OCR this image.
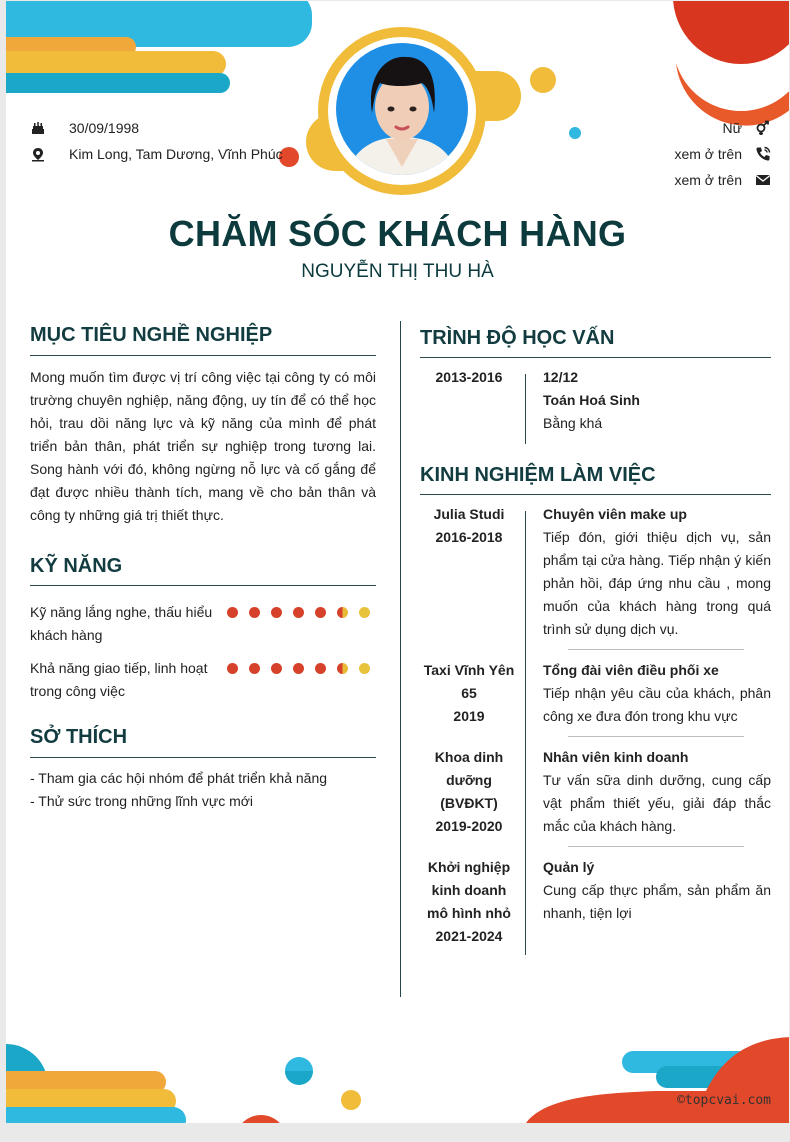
30/09/1998
Kim Long, Tam Dương, Vĩnh Phúc
Nữ
xem ở trên
xem ở trên
CHĂM SÓC KHÁCH HÀNG
NGUYỄN THỊ THU HÀ
MỤC TIÊU NGHỀ NGHIỆP
Mong muốn tìm được vị trí công việc tại công ty có môi trường chuyên nghiệp, năng động, uy tín để có thể học hỏi, trau dồi năng lực và kỹ năng của mình để phát triển bản thân, phát triển sự nghiệp trong tương lai. Song hành với đó, không ngừng nỗ lực và cố gắng để đạt được nhiều thành tích, mang về cho bản thân và công ty những giá trị thiết thực.
KỸ NĂNG
Kỹ năng lắng nghe, thấu hiểu khách hàng
Khả năng giao tiếp, linh hoạt trong công việc
SỞ THÍCH
- Tham gia các hội nhóm để phát triển khả năng
- Thử sức trong những lĩnh vực mới
TRÌNH ĐỘ HỌC VẤN
2013-2016	12/12
Toán Hoá Sinh
Bằng khá
KINH NGHIỆM LÀM VIỆC
Julia Studi
2016-2018
Chuyên viên make up
Tiếp đón, giới thiệu dịch vụ, sản phẩm tại cửa hàng. Tiếp nhận ý kiến phản hồi, đáp ứng nhu cầu , mong muốn của khách hàng trong quá trình sử dụng dịch vụ.
Taxi Vĩnh Yên 65
2019
Tổng đài viên điều phối xe
Tiếp nhận yêu cầu của khách, phân công xe đưa đón trong khu vực
Khoa dinh dưỡng (BVĐKT)
2019-2020
Nhân viên kinh doanh
Tư vấn sữa dinh dưỡng, cung cấp vật phẩm thiết yếu, giải đáp thắc mắc của khách hàng.
Khởi nghiệp kinh doanh mô hình nhỏ
2021-2024
Quản lý
Cung cấp thực phẩm, sản phẩm ăn nhanh, tiện lợi
©topcvai.com
